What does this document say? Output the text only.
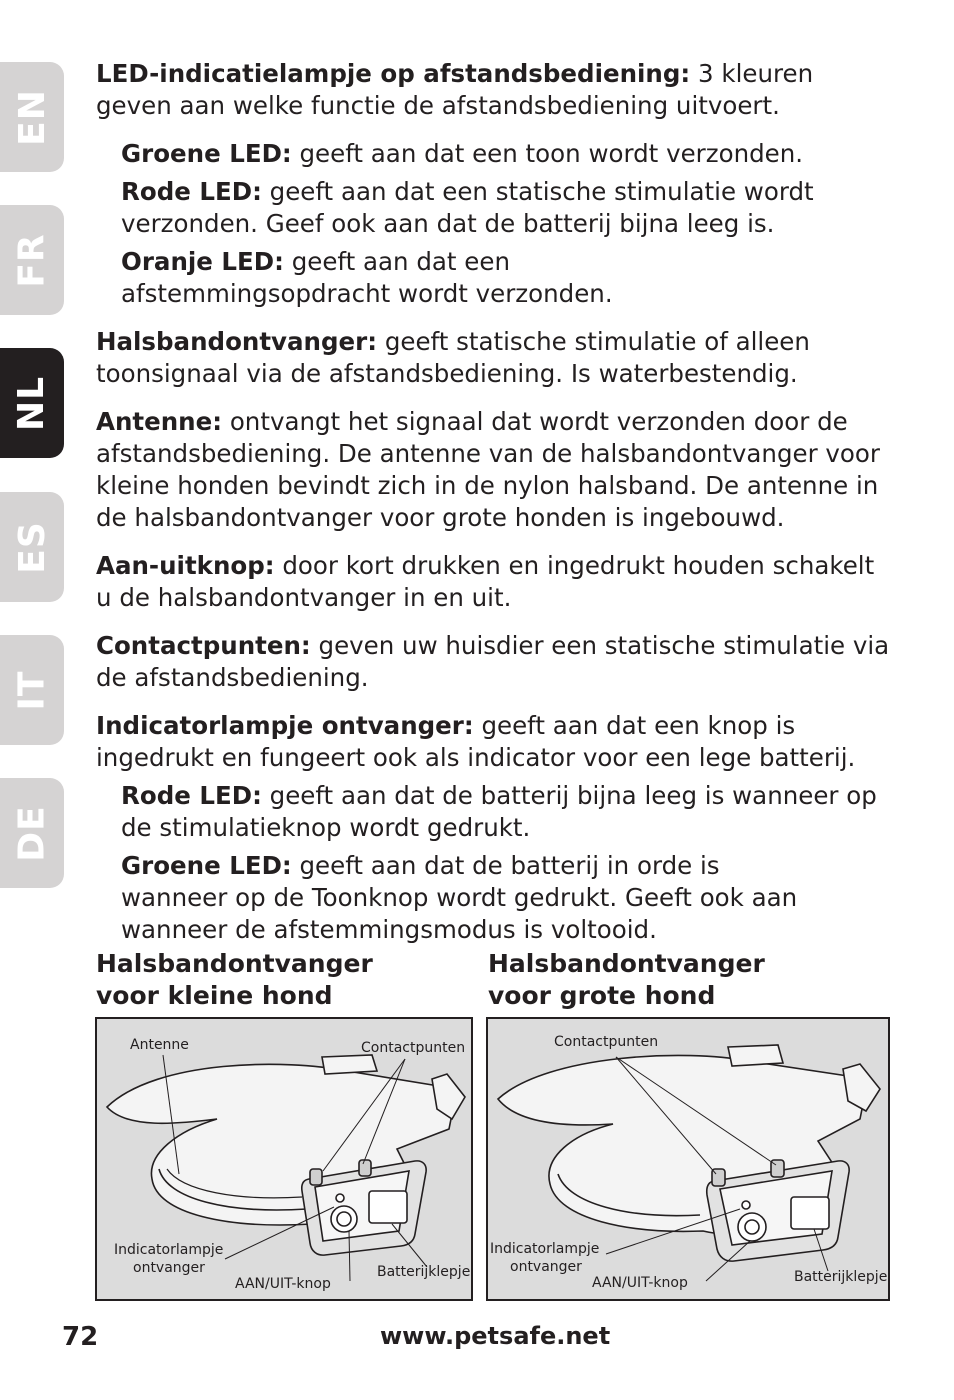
EN
FR
NL
ES
IT
DE

LED-indicatielampje op afstandsbediening: 3 kleuren geven aan welke functie de afstandsbediening uitvoert.

Groene LED: geeft aan dat een toon wordt verzonden.

Rode LED: geeft aan dat een statische stimulatie wordt verzonden. Geef ook aan dat de batterij bijna leeg is.

Oranje LED: geeft aan dat een afstemmingsopdracht wordt verzonden.

Halsbandontvanger: geeft statische stimulatie of alleen toonsignaal via de afstandsbediening. Is waterbestendig.

Antenne: ontvangt het signaal dat wordt verzonden door de afstandsbediening. De antenne van de halsbandontvanger voor kleine honden bevindt zich in de nylon halsband. De antenne in de halsbandontvanger voor grote honden is ingebouwd.

Aan-uitknop: door kort drukken en ingedrukt houden schakelt u de halsbandontvanger in en uit.

Contactpunten: geven uw huisdier een statische stimulatie via de afstandsbediening.

Indicatorlampje ontvanger: geeft aan dat een knop is ingedrukt en fungeert ook als indicator voor een lege batterij.

Rode LED: geeft aan dat de batterij bijna leeg is wanneer op de stimulatieknop wordt gedrukt.

Groene LED: geeft aan dat de batterij in orde is wanneer op de Toonknop wordt gedrukt. Geeft ook aan wanneer de afstemmingsmodus is voltooid.

Halsbandontvanger
voor kleine hond
Halsbandontvanger
voor grote hond
Antenne	Contactpunten
Indicatorlampje
ontvanger
AAN/UIT-knop
Batterijklepje
Contactpunten
Indicatorlampje
ontvanger
AAN/UIT-knop	Batterijklepje
72	www.petsafe.net
